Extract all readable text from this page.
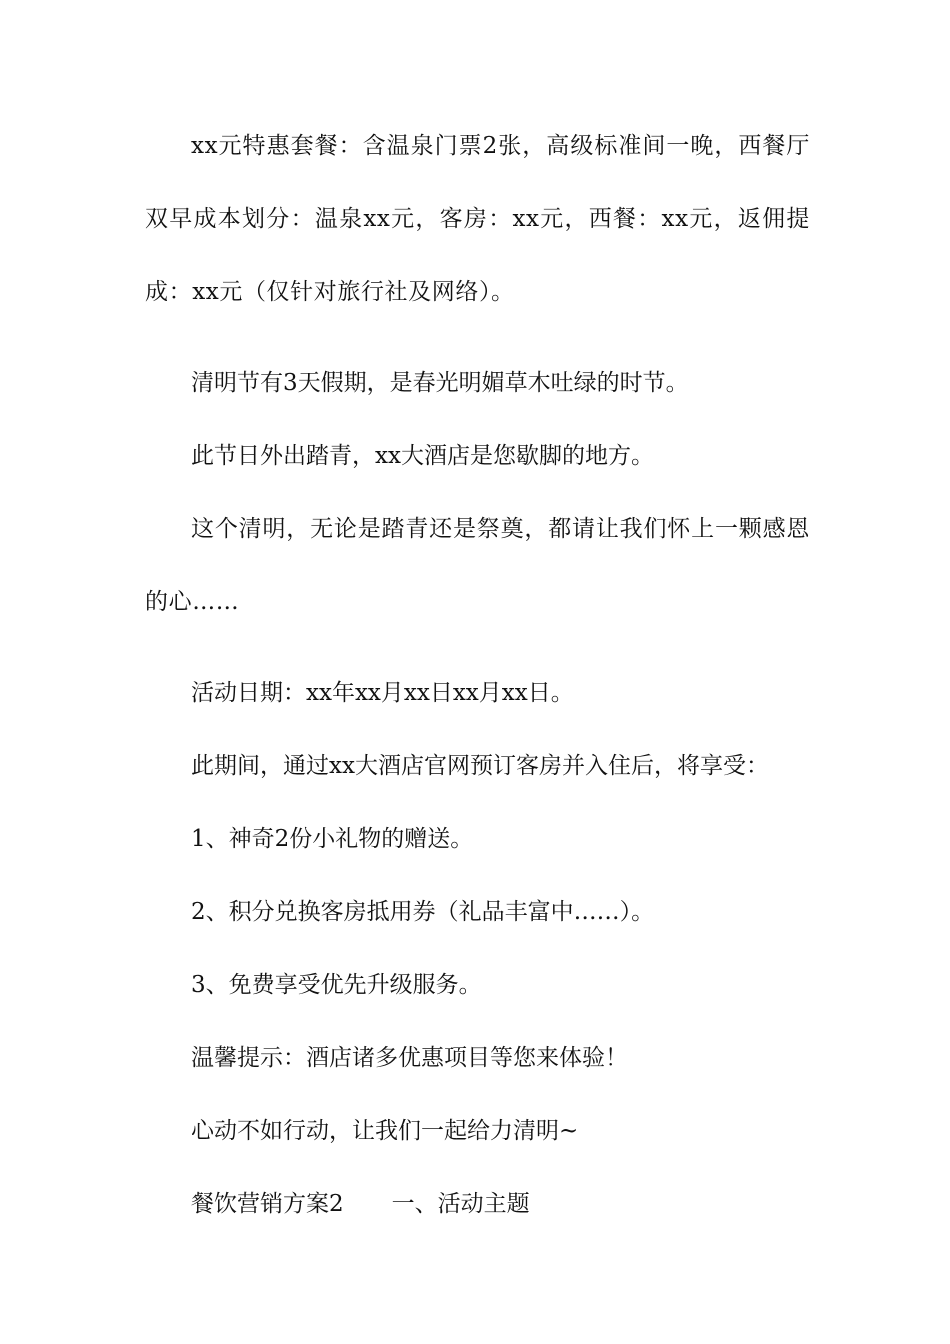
xx元特惠套餐：含温泉门票2张，高级标准间一晚，西餐厅双早成本划分：温泉xx元，客房：xx元，西餐：xx元，返佣提成：xx元（仅针对旅行社及网络）。

清明节有3天假期，是春光明媚草木吐绿的时节。

此节日外出踏青，xx大酒店是您歇脚的地方。

这个清明，无论是踏青还是祭奠，都请让我们怀上一颗感恩的心……

活动日期：xx年xx月xx日xx月xx日。

此期间，通过xx大酒店官网预订客房并入住后，将享受：

1、神奇2份小礼物的赠送。

2、积分兑换客房抵用券（礼品丰富中……）。

3、免费享受优先升级服务。

温馨提示：酒店诸多优惠项目等您来体验！

心动不如行动，让我们一起给力清明~

餐饮营销方案2 一、活动主题
